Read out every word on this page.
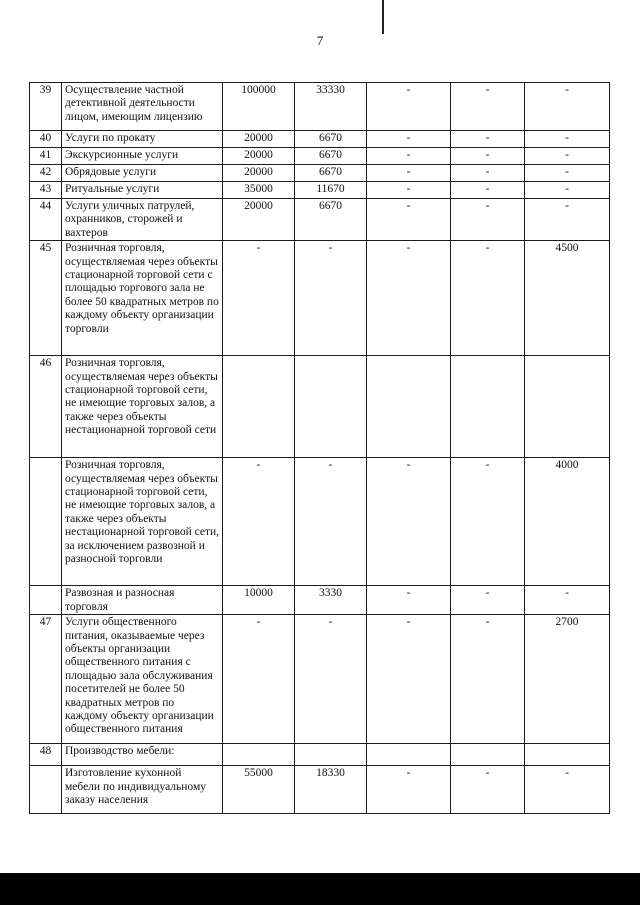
7
39	Осуществление частной детективной деятельности лицом, имеющим лицензию	100000	33330	-	-	-
40	Услуги по прокату	20000	6670	-	-	-
41	Экскурсионные услуги	20000	6670	-	-	-
42	Обрядовые услуги	20000	6670	-	-	-
43	Ритуальные услуги	35000	11670	-	-	-
44	Услуги уличных патрулей, охранников, сторожей и вахтеров	20000	6670	-	-	-
45	Розничная торговля, осуществляемая через объекты стационарной торговой сети с площадью торгового зала не более 50 квадратных метров по каждому объекту организации торговли	-	-	-	-	4500
46	Розничная торговля, осуществляемая через объекты стационарной торговой сети, не имеющие торговых залов, а также через объекты нестационарной торговой сети					
	Розничная торговля, осуществляемая через объекты стационарной торговой сети, не имеющие торговых залов, а также через объекты нестационарной торговой сети, за исключением развозной и разносной торговли	-	-	-	-	4000
	Развозная и разносная торговля	10000	3330	-	-	-
47	Услуги общественного питания, оказываемые через объекты организации общественного питания с площадью зала обслуживания посетителей не более 50 квадратных метров по каждому объекту организации общественного питания	-	-	-	-	2700
48	Производство мебели:					
	Изготовление кухонной мебели по индивидуальному заказу населения	55000	18330	-	-	-
